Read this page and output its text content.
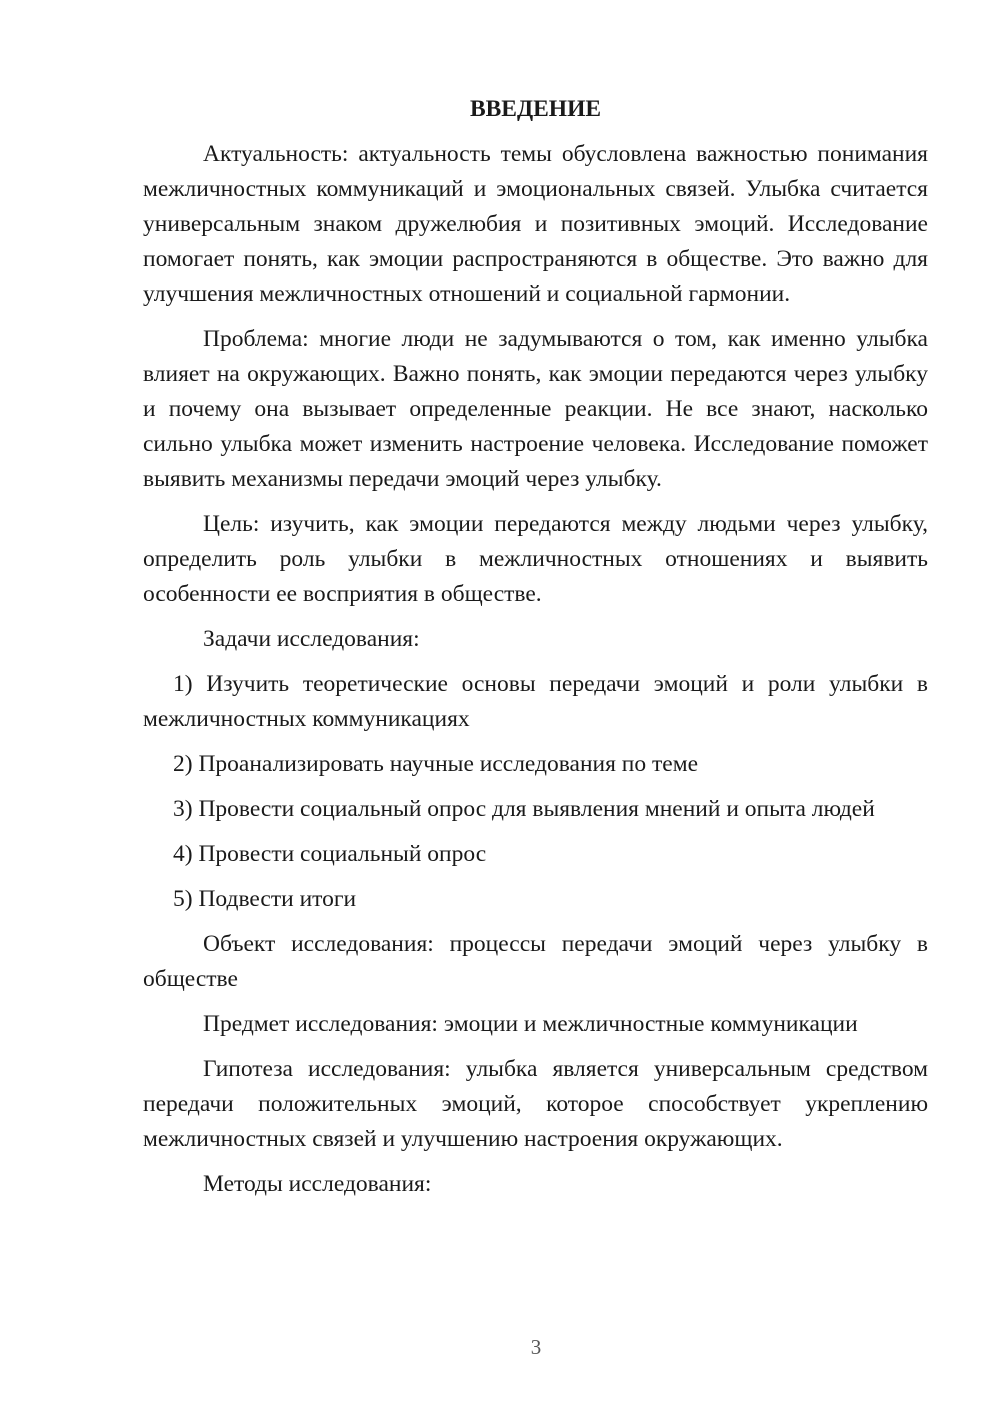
ВВЕДЕНИЕ

Актуальность: актуальность темы обусловлена важностью понимания межличностных коммуникаций и эмоциональных связей. Улыбка считается универсальным знаком дружелюбия и позитивных эмоций. Исследование помогает понять, как эмоции распространяются в обществе. Это важно для улучшения межличностных отношений и социальной гармонии.

Проблема: многие люди не задумываются о том, как именно улыбка влияет на окружающих. Важно понять, как эмоции передаются через улыбку и почему она вызывает определенные реакции. Не все знают, насколько сильно улыбка может изменить настроение человека. Исследование поможет выявить механизмы передачи эмоций через улыбку.

Цель: изучить, как эмоции передаются между людьми через улыбку, определить роль улыбки в межличностных отношениях и выявить особенности ее восприятия в обществе.

Задачи исследования:

1) Изучить теоретические основы передачи эмоций и роли улыбки в межличностных коммуникациях

2) Проанализировать научные исследования по теме

3) Провести социальный опрос для выявления мнений и опыта людей

4) Провести социальный опрос

5) Подвести итоги

Объект исследования: процессы передачи эмоций через улыбку в обществе

Предмет исследования: эмоции и межличностные коммуникации

Гипотеза исследования: улыбка является универсальным средством передачи положительных эмоций, которое способствует укреплению межличностных связей и улучшению настроения окружающих.

Методы исследования:

3
